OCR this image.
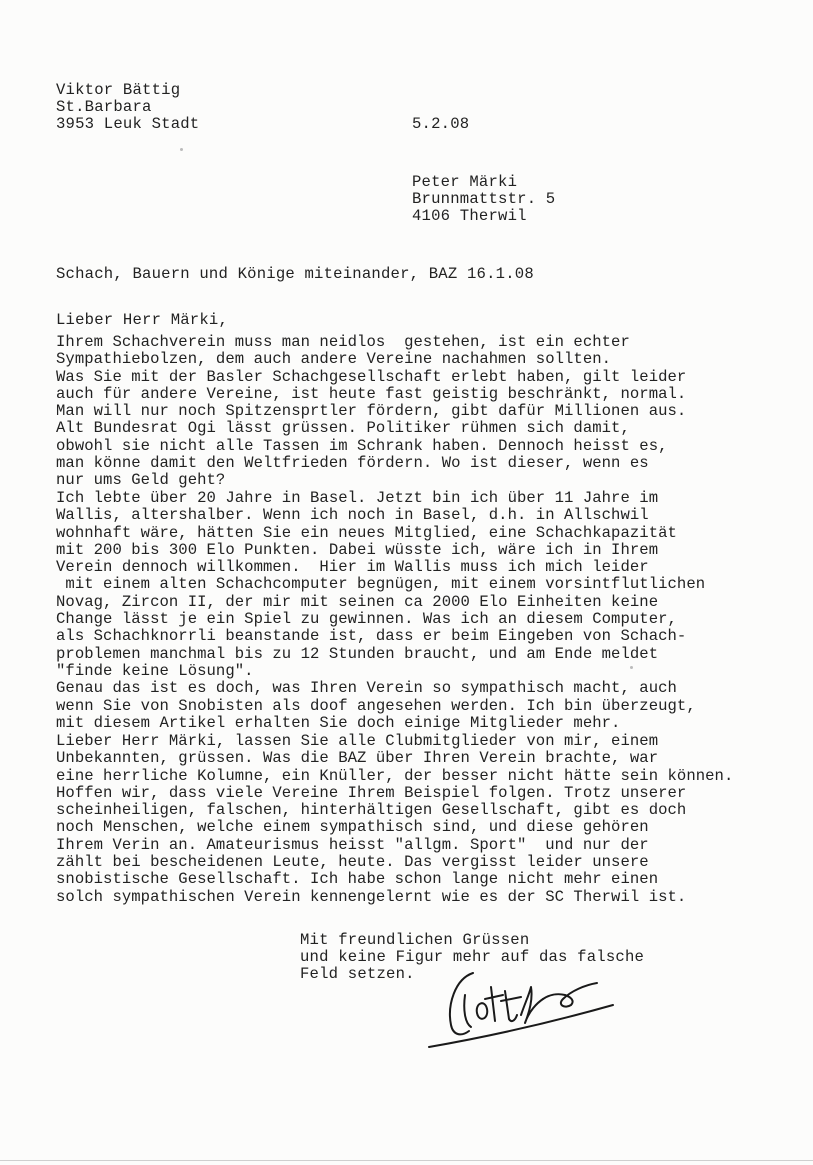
Viktor Bättig
St.Barbara
3953 Leuk Stadt	5.2.08
Peter Märki
Brunnmattstr. 5
4106 Therwil
Schach, Bauern und Könige miteinander, BAZ 16.1.08
Lieber Herr Märki,
Ihrem Schachverein muss man neidlos  gestehen, ist ein echter
Sympathiebolzen, dem auch andere Vereine nachahmen sollten.
Was Sie mit der Basler Schachgesellschaft erlebt haben, gilt leider
auch für andere Vereine, ist heute fast geistig beschränkt, normal.
Man will nur noch Spitzensprtler fördern, gibt dafür Millionen aus.
Alt Bundesrat Ogi lässt grüssen. Politiker rühmen sich damit,
obwohl sie nicht alle Tassen im Schrank haben. Dennoch heisst es,
man könne damit den Weltfrieden fördern. Wo ist dieser, wenn es
nur ums Geld geht?
Ich lebte über 20 Jahre in Basel. Jetzt bin ich über 11 Jahre im
Wallis, altershalber. Wenn ich noch in Basel, d.h. in Allschwil
wohnhaft wäre, hätten Sie ein neues Mitglied, eine Schachkapazität
mit 200 bis 300 Elo Punkten. Dabei wüsste ich, wäre ich in Ihrem
Verein dennoch willkommen.  Hier im Wallis muss ich mich leider
mit einem alten Schachcomputer begnügen, mit einem vorsintflutlichen
Novag, Zircon II, der mir mit seinen ca 2000 Elo Einheiten keine
Change lässt je ein Spiel zu gewinnen. Was ich an diesem Computer,
als Schachknorrli beanstande ist, dass er beim Eingeben von Schach-
problemen manchmal bis zu 12 Stunden braucht, und am Ende meldet
"finde keine Lösung".
Genau das ist es doch, was Ihren Verein so sympathisch macht, auch
wenn Sie von Snobisten als doof angesehen werden. Ich bin überzeugt,
mit diesem Artikel erhalten Sie doch einige Mitglieder mehr.
Lieber Herr Märki, lassen Sie alle Clubmitglieder von mir, einem
Unbekannten, grüssen. Was die BAZ über Ihren Verein brachte, war
eine herrliche Kolumne, ein Knüller, der besser nicht hätte sein können.
Hoffen wir, dass viele Vereine Ihrem Beispiel folgen. Trotz unserer
scheinheiligen, falschen, hinterhältigen Gesellschaft, gibt es doch
noch Menschen, welche einem sympathisch sind, und diese gehören
Ihrem Verin an. Amateurismus heisst "allgm. Sport"  und nur der
zählt bei bescheidenen Leute, heute. Das vergisst leider unsere
snobistische Gesellschaft. Ich habe schon lange nicht mehr einen
solch sympathischen Verein kennengelernt wie es der SC Therwil ist.
Mit freundlichen Grüssen
und keine Figur mehr auf das falsche
Feld setzen.
